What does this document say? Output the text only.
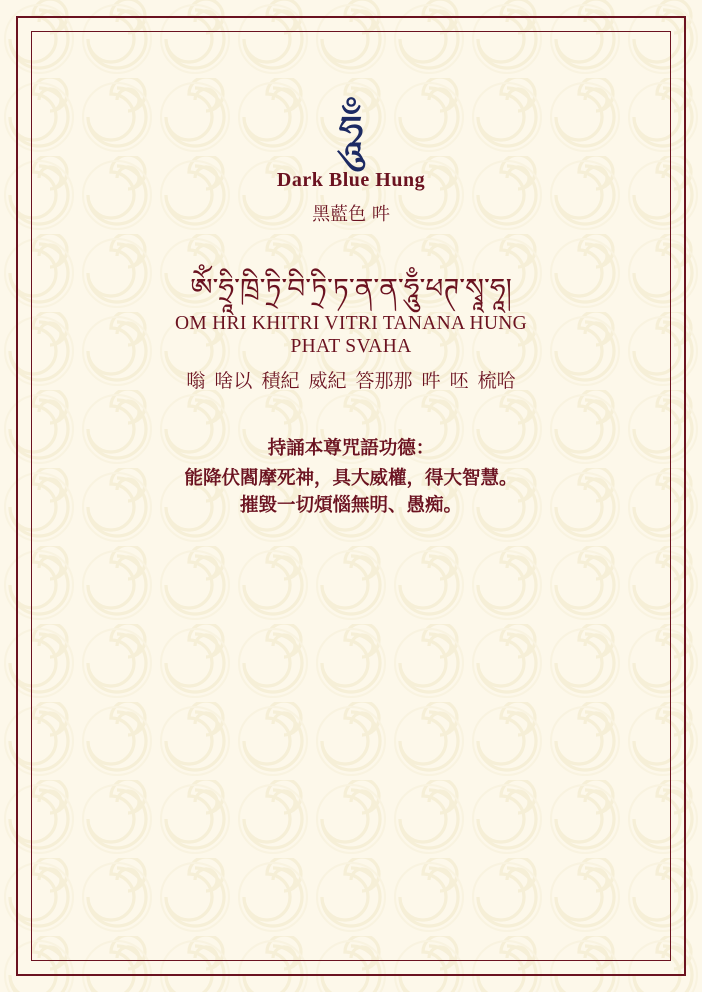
ཧཱུྃ
Dark Blue Hung
黑藍色 吽
ཨོཾ་ཧྲཱི་ཁྲི་ཏྲི་བི་ཏྲི་ཏ་ན་ན་ཧཱུྃ་ཕཊ་སྭཱ་ཧཱ།
OM HRI KHITRI VITRI TANANA HUNG
PHAT SVAHA
嗡 啥以 積紀 威紀 答那那 吽 呸 梳哈
持誦本尊咒語功德：
能降伏閻摩死神，具大威權，得大智慧。
摧毀一切煩惱無明、愚痴。
